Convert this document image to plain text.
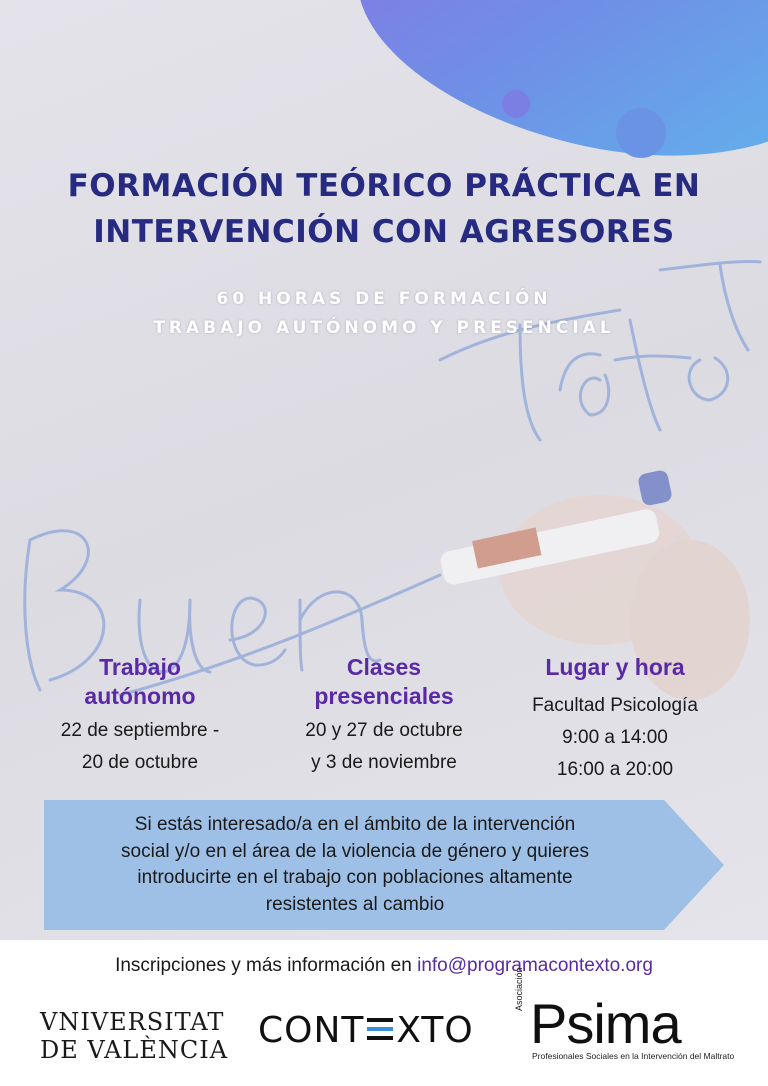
FORMACIÓN TEÓRICO PRÁCTICA EN
INTERVENCIÓN CON AGRESORES
60 HORAS DE FORMACIÓN
TRABAJO AUTÓNOMO Y PRESENCIAL
Trabajo
autónomo
22 de septiembre -
20 de octubre
Clases
presenciales
20 y 27 de octubre
y 3 de noviembre
Lugar y hora
Facultad Psicología
9:00 a 14:00
16:00 a 20:00
Si estás interesado/a en el ámbito de la intervención
social y/o en el área de la violencia de género y quieres
introducirte en el trabajo con poblaciones altamente
resistentes al cambio
Inscripciones y más información en info@programacontexto.org
VNIVERSITAT
DE VALÈNCIA CONT XTO
Asociación
Psima
Profesionales Sociales en la Intervención del Maltrato
